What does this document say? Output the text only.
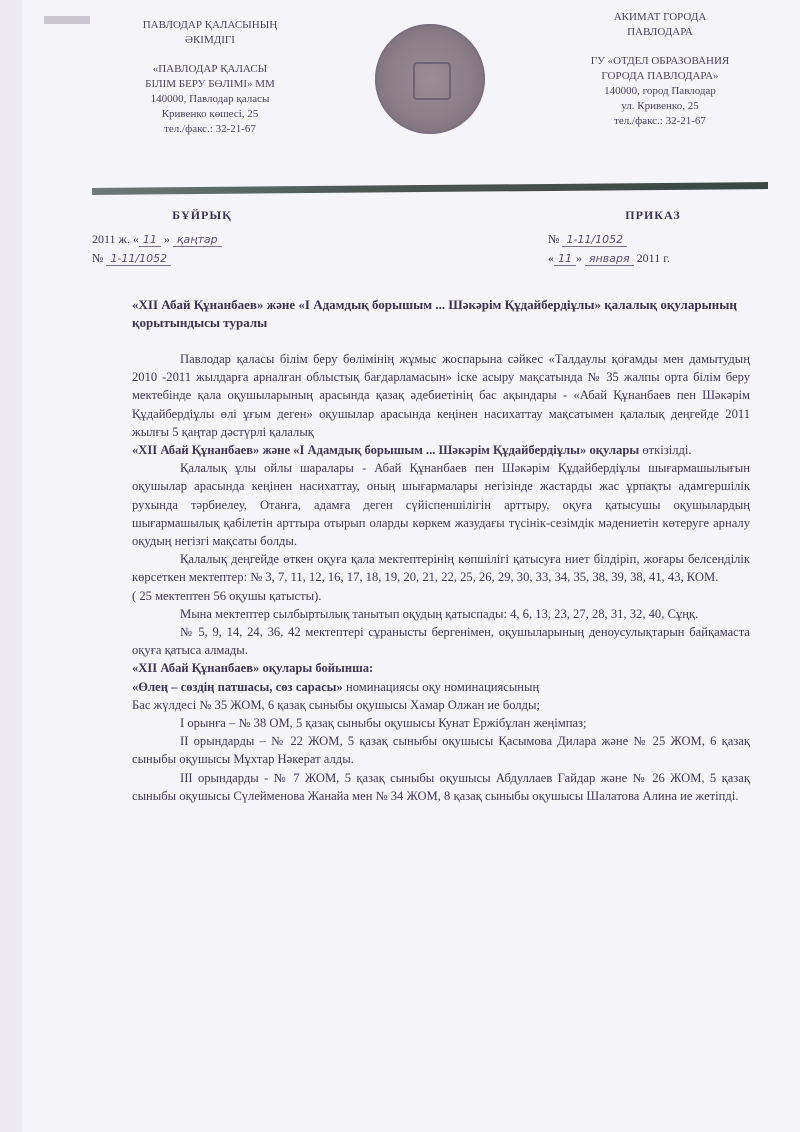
ПАВЛОДАР ҚАЛАСЫНЫҢ
ӘКІМДІГІ
«ПАВЛОДАР ҚАЛАСЫ
БІЛІМ БЕРУ БӨЛІМІ» ММ
140000, Павлодар қаласы
Кривенко көшесі, 25
тел./факс.: 32-21-67
АКИМАТ ГОРОДА
ПАВЛОДАРА
ГУ «ОТДЕЛ ОБРАЗОВАНИЯ
ГОРОДА ПАВЛОДАРА»
140000, город Павлодар
ул. Кривенко, 25
тел./факс.: 32-21-67
БҰЙРЫҚ
2011 ж. « 11 » қаңтар
№ 1-11/1052
ПРИКАЗ
№ 1-11/1052
« 11 » января 2011 г.
«XII Абай Құнанбаев» және «І Адамдық борышым ... Шәкәрім Құдайбердіұлы» қалалық оқуларының қорытындысы туралы

Павлодар қаласы білім беру бөлімінің жұмыс жоспарына сәйкес «Талдаулы қоғамды мен дамытудың 2010 -2011 жылдарға арналған облыстық бағдарламасын» іске асыру мақсатында № 35 жалпы орта білім беру мектебінде қала оқушыларының арасында қазақ әдебиетінің бас ақындары - «Абай Құнанбаев пен Шәкәрім Құдайбердіұлы өлі ұғым деген» оқушылар арасында кеңінен насихаттау мақсатымен қалалық деңгейде 2011 жылғы 5 қаңтар дәстүрлі қалалық

«XII Абай Құнанбаев» және «І Адамдық борышым ... Шәкәрім Құдайбердіұлы» оқулары өткізілді.

Қалалық ұлы ойлы шаралары - Абай Құнанбаев пен Шәкәрім Құдайбердіұлы шығармашылығын оқушылар арасында кеңінен насихаттау, оның шығармалары негізінде жастарды жас ұрпақты адамгершілік рухында тәрбиелеу, Отанға, адамға деген сүйіспеншілігін арттыру, оқуға қатысушы оқушылардың шығармашылық қабілетін арттыра отырып оларды көркем жазудағы түсінік-сезімдік мәдениетін көтеруге арналу оқудың негізгі мақсаты болды.

Қалалық деңгейде өткен оқуға қала мектептерінің көпшілігі қатысуға ниет білдіріп, жоғары белсенділік көрсеткен мектептер: № 3, 7, 11, 12, 16, 17, 18, 19, 20, 21, 22, 25, 26, 29, 30, 33, 34, 35, 38, 39, 38, 41, 43, КОМ.

( 25 мектептен 56 оқушы қатысты).

Мына мектептер сылбыртылық танытып оқудың қатыспады: 4, 6, 13, 23, 27, 28, 31, 32, 40, Сұңқ.

№ 5, 9, 14, 24, 36, 42 мектептері сұранысты бергенімен, оқушыларының деноусулықтарын байқамаста оқуға қатыса алмады.

«XII Абай Құнанбаев» оқулары бойынша:

«Өлең – сөздің патшасы, сөз сарасы» номинациясы оқу номинациясының

Бас жүлдесі № 35 ЖОМ, 6 қазақ сыныбы оқушысы Хамар Олжан ие болды;

I орынға – № 38 ОМ, 5 қазақ сыныбы оқушысы Кунат Ержібұлан жеңімпаз;

II орындарды – № 22 ЖОМ, 5 қазақ сыныбы оқушысы Қасымова Дилара және № 25 ЖОМ, 6 қазақ сыныбы оқушысы Мұхтар Нәкерат алды.

III орындарды - № 7 ЖОМ, 5 қазақ сыныбы оқушысы Абдуллаев Гайдар және № 26 ЖОМ, 5 қазақ сыныбы оқушысы Сүлейменова Жанайа мен № 34 ЖОМ, 8 қазақ сыныбы оқушысы Шалатова Алина ие жетіпді.
